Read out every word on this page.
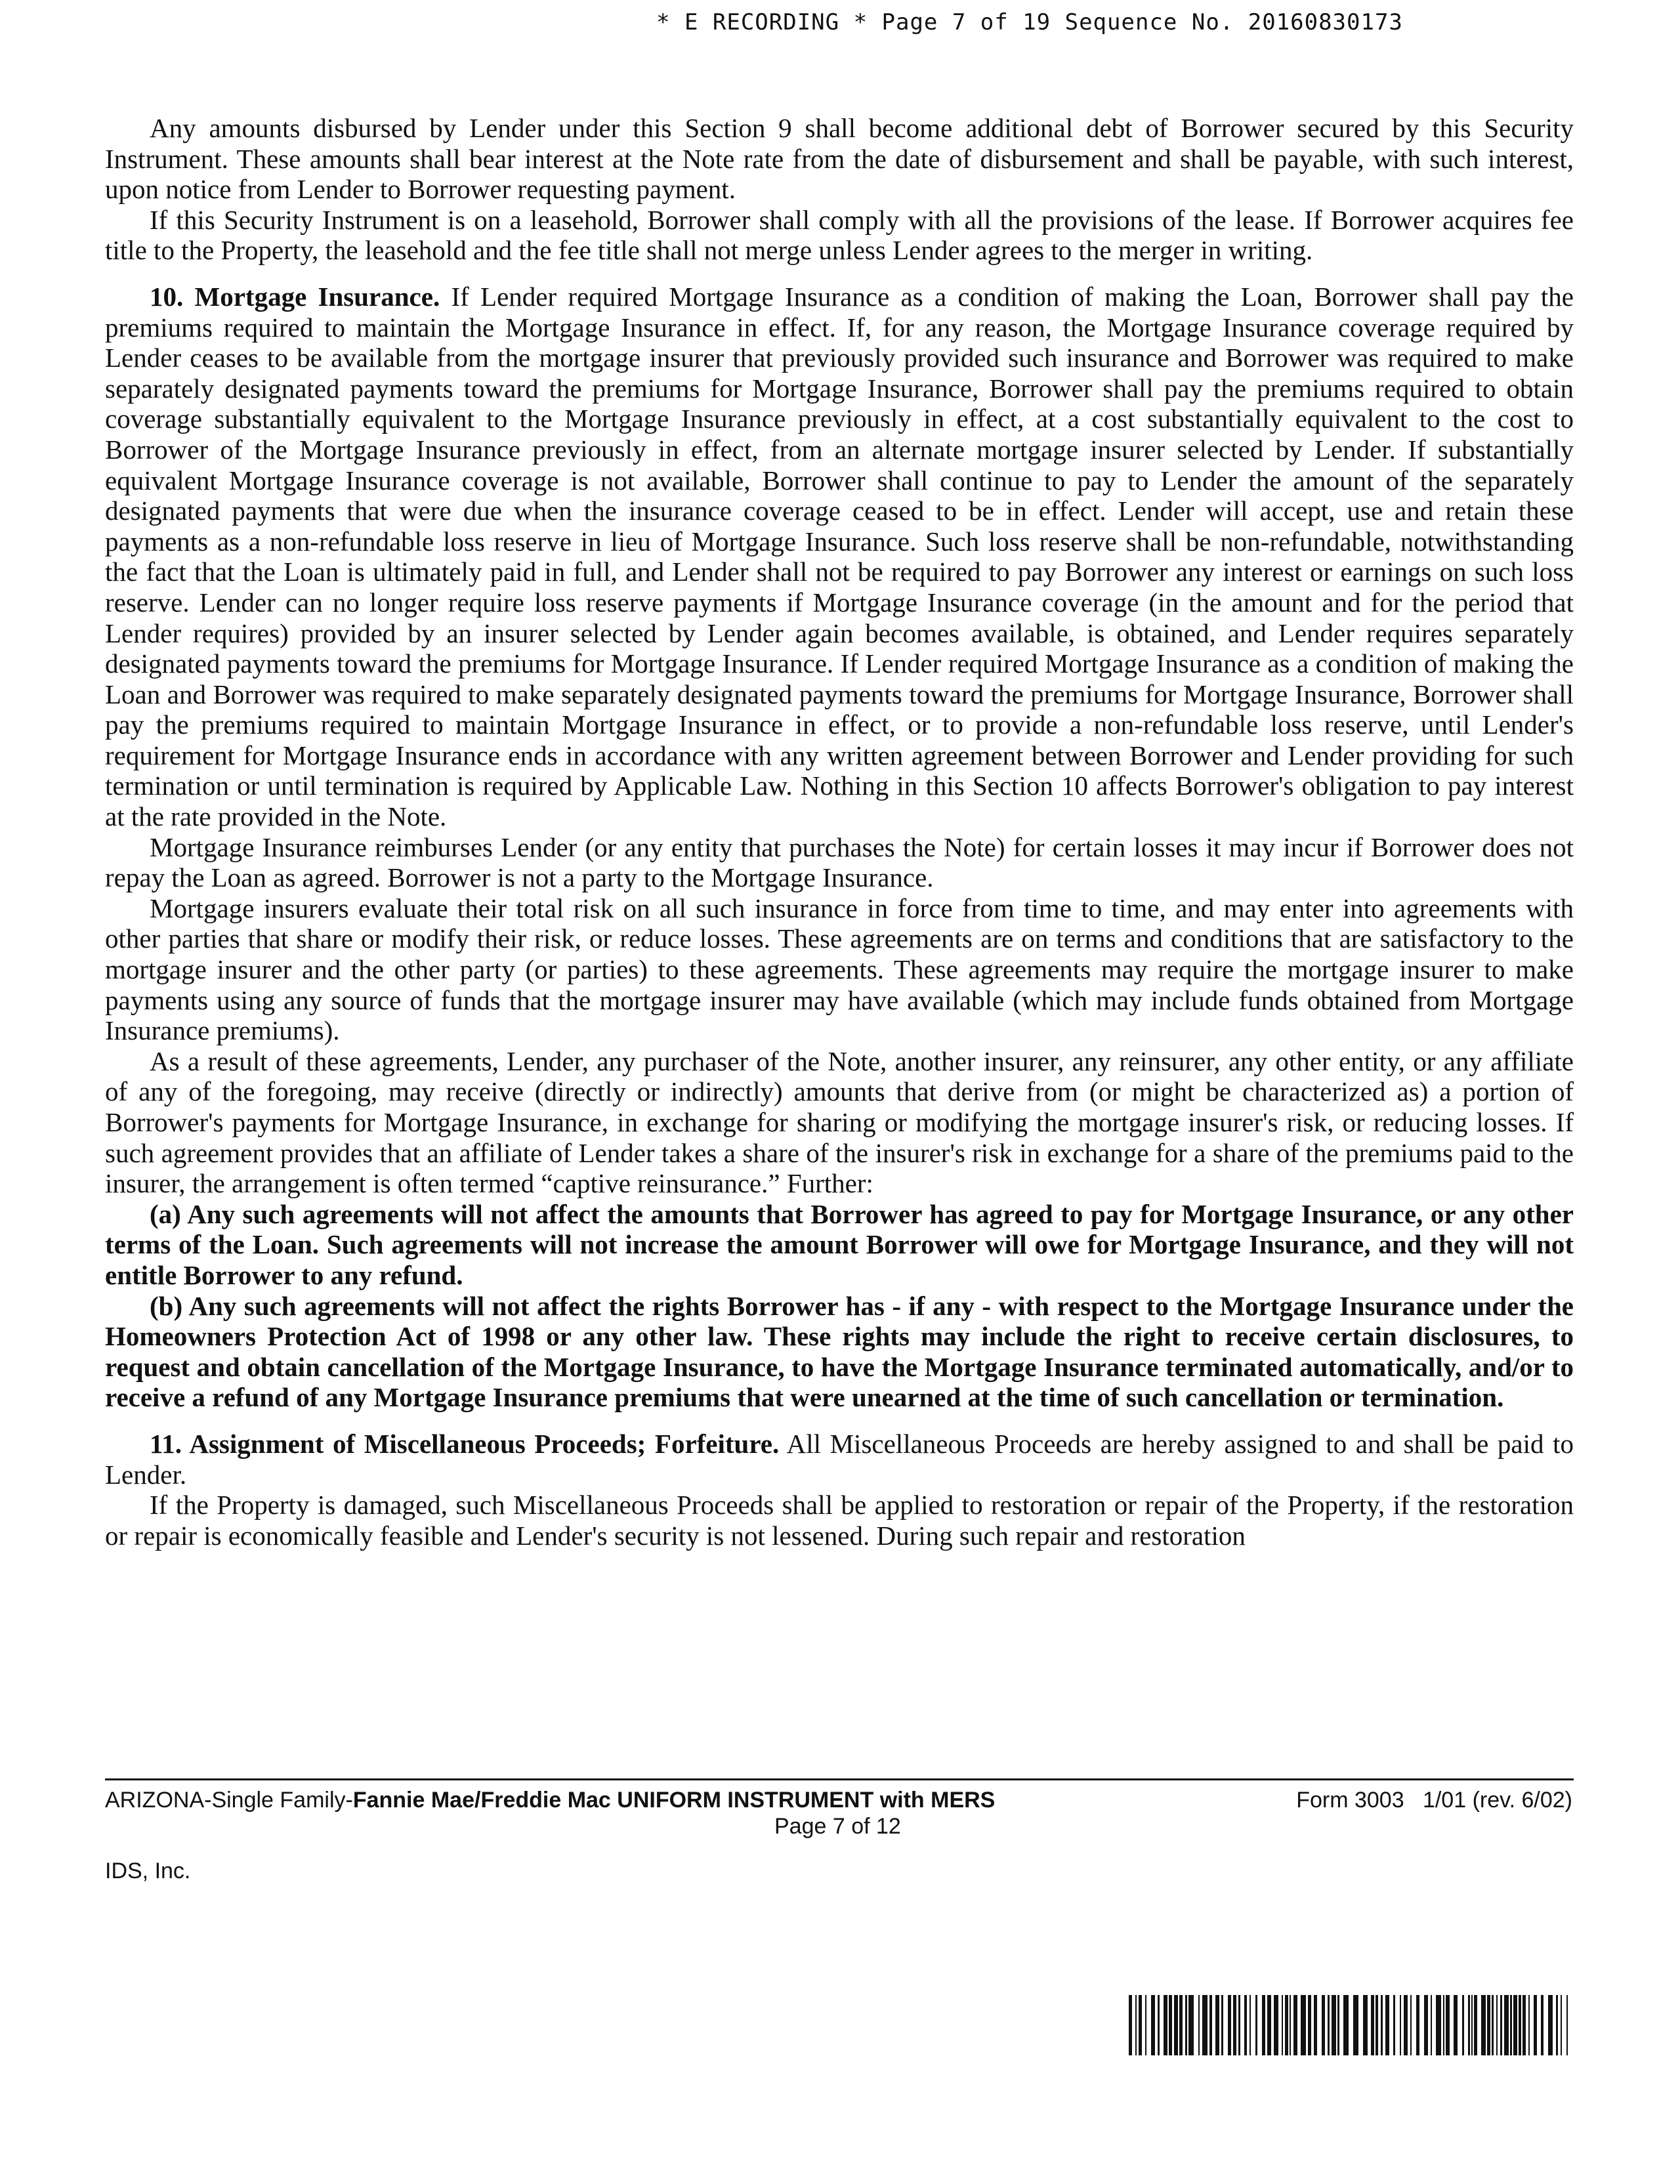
* E RECORDING * Page 7 of 19 Sequence No. 20160830173

Any amounts disbursed by Lender under this Section 9 shall become additional debt of Borrower secured by this Security Instrument. These amounts shall bear interest at the Note rate from the date of disbursement and shall be payable, with such interest, upon notice from Lender to Borrower requesting payment.

If this Security Instrument is on a leasehold, Borrower shall comply with all the provisions of the lease. If Borrower acquires fee title to the Property, the leasehold and the fee title shall not merge unless Lender agrees to the merger in writing.

10. Mortgage Insurance. If Lender required Mortgage Insurance as a condition of making the Loan, Borrower shall pay the premiums required to maintain the Mortgage Insurance in effect. If, for any reason, the Mortgage Insurance coverage required by Lender ceases to be available from the mortgage insurer that previously provided such insurance and Borrower was required to make separately designated payments toward the premiums for Mortgage Insurance, Borrower shall pay the premiums required to obtain coverage substantially equivalent to the Mortgage Insurance previously in effect, at a cost substantially equivalent to the cost to Borrower of the Mortgage Insurance previously in effect, from an alternate mortgage insurer selected by Lender. If substantially equivalent Mortgage Insurance coverage is not available, Borrower shall continue to pay to Lender the amount of the separately designated payments that were due when the insurance coverage ceased to be in effect. Lender will accept, use and retain these payments as a non-refundable loss reserve in lieu of Mortgage Insurance. Such loss reserve shall be non-refundable, notwithstanding the fact that the Loan is ultimately paid in full, and Lender shall not be required to pay Borrower any interest or earnings on such loss reserve. Lender can no longer require loss reserve payments if Mortgage Insurance coverage (in the amount and for the period that Lender requires) provided by an insurer selected by Lender again becomes available, is obtained, and Lender requires separately designated payments toward the premiums for Mortgage Insurance. If Lender required Mortgage Insurance as a condition of making the Loan and Borrower was required to make separately designated payments toward the premiums for Mortgage Insurance, Borrower shall pay the premiums required to maintain Mortgage Insurance in effect, or to provide a non-refundable loss reserve, until Lender's requirement for Mortgage Insurance ends in accordance with any written agreement between Borrower and Lender providing for such termination or until termination is required by Applicable Law. Nothing in this Section 10 affects Borrower's obligation to pay interest at the rate provided in the Note.

Mortgage Insurance reimburses Lender (or any entity that purchases the Note) for certain losses it may incur if Borrower does not repay the Loan as agreed. Borrower is not a party to the Mortgage Insurance.

Mortgage insurers evaluate their total risk on all such insurance in force from time to time, and may enter into agreements with other parties that share or modify their risk, or reduce losses. These agreements are on terms and conditions that are satisfactory to the mortgage insurer and the other party (or parties) to these agreements. These agreements may require the mortgage insurer to make payments using any source of funds that the mortgage insurer may have available (which may include funds obtained from Mortgage Insurance premiums).

As a result of these agreements, Lender, any purchaser of the Note, another insurer, any reinsurer, any other entity, or any affiliate of any of the foregoing, may receive (directly or indirectly) amounts that derive from (or might be characterized as) a portion of Borrower's payments for Mortgage Insurance, in exchange for sharing or modifying the mortgage insurer's risk, or reducing losses. If such agreement provides that an affiliate of Lender takes a share of the insurer's risk in exchange for a share of the premiums paid to the insurer, the arrangement is often termed “captive reinsurance.” Further:

(a) Any such agreements will not affect the amounts that Borrower has agreed to pay for Mortgage Insurance, or any other terms of the Loan. Such agreements will not increase the amount Borrower will owe for Mortgage Insurance, and they will not entitle Borrower to any refund.

(b) Any such agreements will not affect the rights Borrower has - if any - with respect to the Mortgage Insurance under the Homeowners Protection Act of 1998 or any other law. These rights may include the right to receive certain disclosures, to request and obtain cancellation of the Mortgage Insurance, to have the Mortgage Insurance terminated automatically, and/or to receive a refund of any Mortgage Insurance premiums that were unearned at the time of such cancellation or termination.

11. Assignment of Miscellaneous Proceeds; Forfeiture. All Miscellaneous Proceeds are hereby assigned to and shall be paid to Lender.

If the Property is damaged, such Miscellaneous Proceeds shall be applied to restoration or repair of the Property, if the restoration or repair is economically feasible and Lender's security is not lessened. During such repair and restoration

ARIZONA-Single Family-Fannie Mae/Freddie Mac UNIFORM INSTRUMENT with MERS	Form 3003   1/01 (rev. 6/02)
Page 7 of 12
IDS, Inc.
